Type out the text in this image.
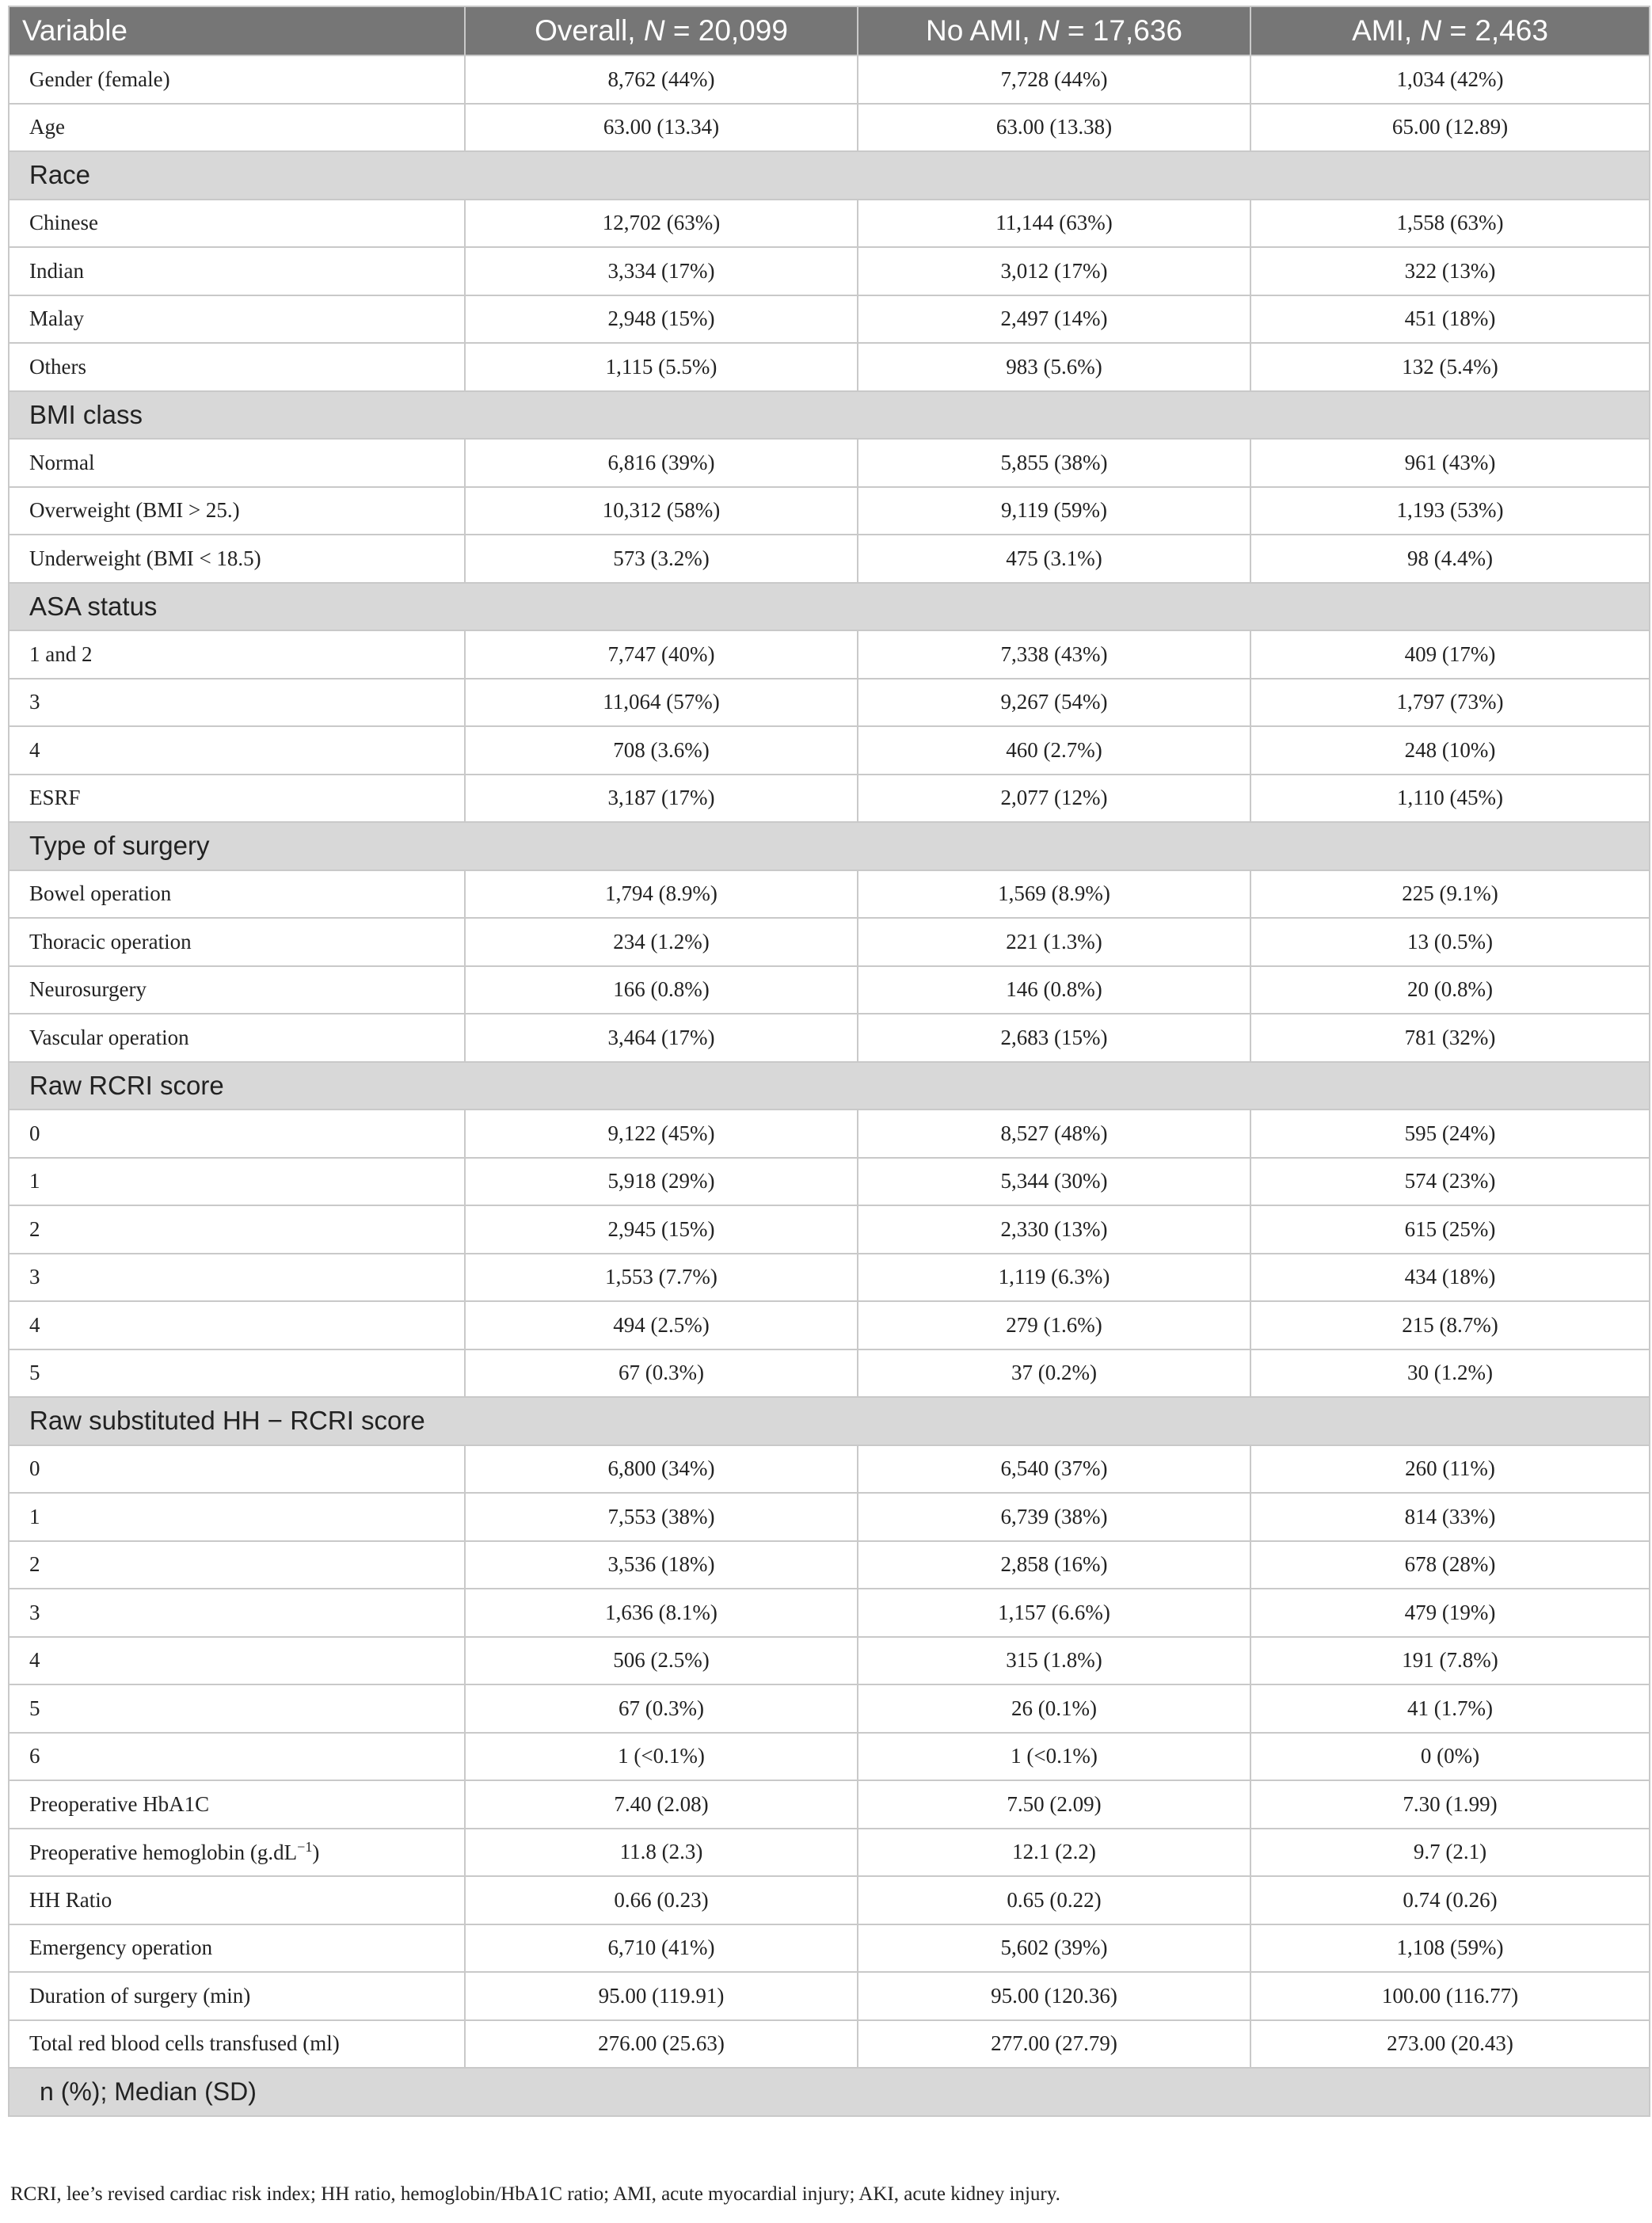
Variable	Overall, N = 20,099	No AMI, N = 17,636	AMI, N = 2,463
Gender (female)	8,762 (44%)	7,728 (44%)	1,034 (42%)
Age	63.00 (13.34)	63.00 (13.38)	65.00 (12.89)
Race			
Chinese	12,702 (63%)	11,144 (63%)	1,558 (63%)
Indian	3,334 (17%)	3,012 (17%)	322 (13%)
Malay	2,948 (15%)	2,497 (14%)	451 (18%)
Others	1,115 (5.5%)	983 (5.6%)	132 (5.4%)
BMI class			
Normal	6,816 (39%)	5,855 (38%)	961 (43%)
Overweight (BMI > 25.)	10,312 (58%)	9,119 (59%)	1,193 (53%)
Underweight (BMI < 18.5)	573 (3.2%)	475 (3.1%)	98 (4.4%)
ASA status			
1 and 2	7,747 (40%)	7,338 (43%)	409 (17%)
3	11,064 (57%)	9,267 (54%)	1,797 (73%)
4	708 (3.6%)	460 (2.7%)	248 (10%)
ESRF	3,187 (17%)	2,077 (12%)	1,110 (45%)
Type of surgery			
Bowel operation	1,794 (8.9%)	1,569 (8.9%)	225 (9.1%)
Thoracic operation	234 (1.2%)	221 (1.3%)	13 (0.5%)
Neurosurgery	166 (0.8%)	146 (0.8%)	20 (0.8%)
Vascular operation	3,464 (17%)	2,683 (15%)	781 (32%)
Raw RCRI score			
0	9,122 (45%)	8,527 (48%)	595 (24%)
1	5,918 (29%)	5,344 (30%)	574 (23%)
2	2,945 (15%)	2,330 (13%)	615 (25%)
3	1,553 (7.7%)	1,119 (6.3%)	434 (18%)
4	494 (2.5%)	279 (1.6%)	215 (8.7%)
5	67 (0.3%)	37 (0.2%)	30 (1.2%)
Raw substituted HH − RCRI score			
0	6,800 (34%)	6,540 (37%)	260 (11%)
1	7,553 (38%)	6,739 (38%)	814 (33%)
2	3,536 (18%)	2,858 (16%)	678 (28%)
3	1,636 (8.1%)	1,157 (6.6%)	479 (19%)
4	506 (2.5%)	315 (1.8%)	191 (7.8%)
5	67 (0.3%)	26 (0.1%)	41 (1.7%)
6	1 (<0.1%)	1 (<0.1%)	0 (0%)
Preoperative HbA1C	7.40 (2.08)	7.50 (2.09)	7.30 (1.99)
Preoperative hemoglobin $(g.dL^{-1})$	11.8 (2.3)	12.1 (2.2)	9.7 (2.1)
HH Ratio	0.66 (0.23)	0.65 (0.22)	0.74 (0.26)
Emergency operation	6,710 (41%)	5,602 (39%)	1,108 (59%)
Duration of surgery (min)	95.00 (119.91)	95.00 (120.36)	100.00 (116.77)
Total red blood cells transfused (ml)	276.00 (25.63)	277.00 (27.79)	273.00 (20.43)
n (%); Median (SD)			
RCRI, lee’s revised cardiac risk index; HH ratio, hemoglobin/HbA1C ratio; AMI, acute myocardial injury; AKI, acute kidney injury.
